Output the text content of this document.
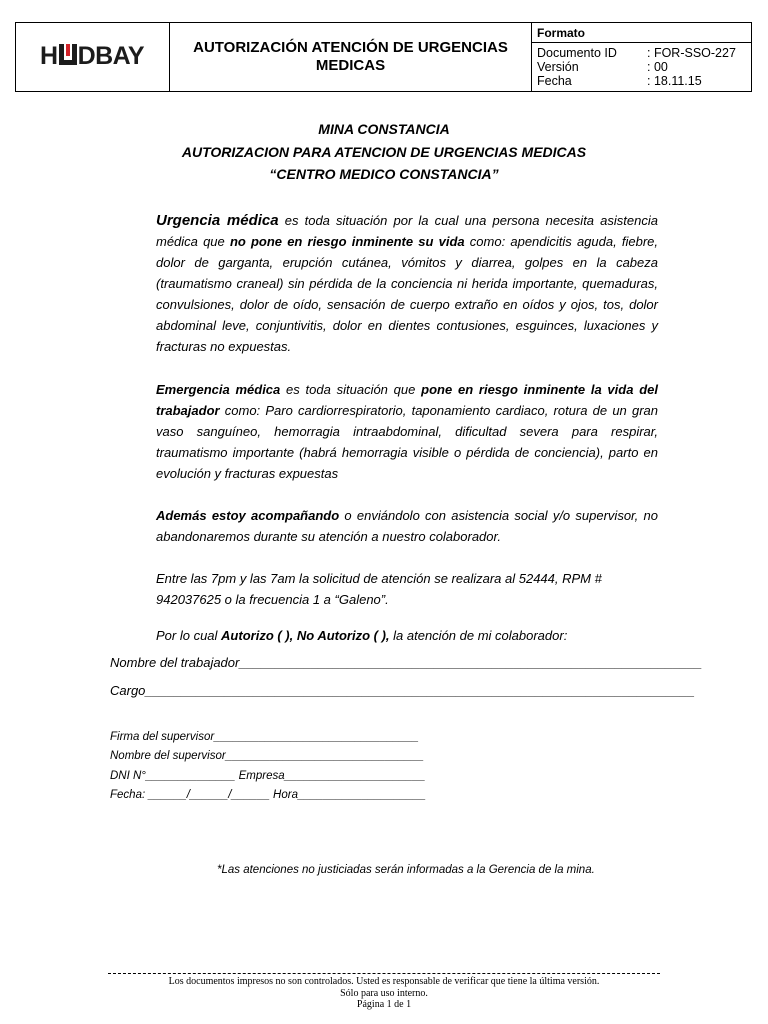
H DBAY	AUTORIZACIÓN ATENCIÓN DE URGENCIAS MEDICAS
Formato
Documento ID : FOR-SSO-227
Versión	: 00
Fecha	: 18.11.15
MINA CONSTANCIA
AUTORIZACION PARA ATENCION DE URGENCIAS MEDICAS
“CENTRO MEDICO CONSTANCIA”
Urgencia médica es toda situación por la cual una persona necesita asistencia médica que no pone en riesgo inminente su vida como: apendicitis aguda, fiebre, dolor de garganta, erupción cutánea, vómitos y diarrea, golpes en la cabeza (traumatismo craneal) sin pérdida de la conciencia ni herida importante, quemaduras, convulsiones, dolor de oído, sensación de cuerpo extraño en oídos y ojos, tos, dolor abdominal leve, conjuntivitis, dolor en dientes contusiones, esguinces, luxaciones y fracturas no expuestas.
Emergencia médica es toda situación que pone en riesgo inminente la vida del trabajador como: Paro cardiorrespiratorio, taponamiento cardiaco, rotura de un gran vaso sanguíneo, hemorragia intraabdominal, dificultad severa para respirar, traumatismo importante (habrá hemorragia visible o pérdida de conciencia), parto en evolución y fracturas expuestas
Además estoy acompañando o enviándolo con asistencia social y/o supervisor, no abandonaremos durante su atención a nuestro colaborador.
Entre las 7pm y las 7am la solicitud de atención se realizara al 52444, RPM # 942037625 o la frecuencia 1 a “Galeno”.
Por lo cual Autorizo ( ), No Autorizo ( ), la atención de mi colaborador:
Nombre del trabajador________________________________________________________________
Cargo____________________________________________________________________________
Firma del supervisor________________________________
Nombre del supervisor_______________________________
DNI N°______________ Empresa______________________
Fecha: ______/______/______ Hora____________________
*Las atenciones no justiciadas serán informadas a la Gerencia de la mina.
Los documentos impresos no son controlados. Usted es responsable de verificar que tiene la última versión.
Sólo para uso interno.
Página 1 de 1
